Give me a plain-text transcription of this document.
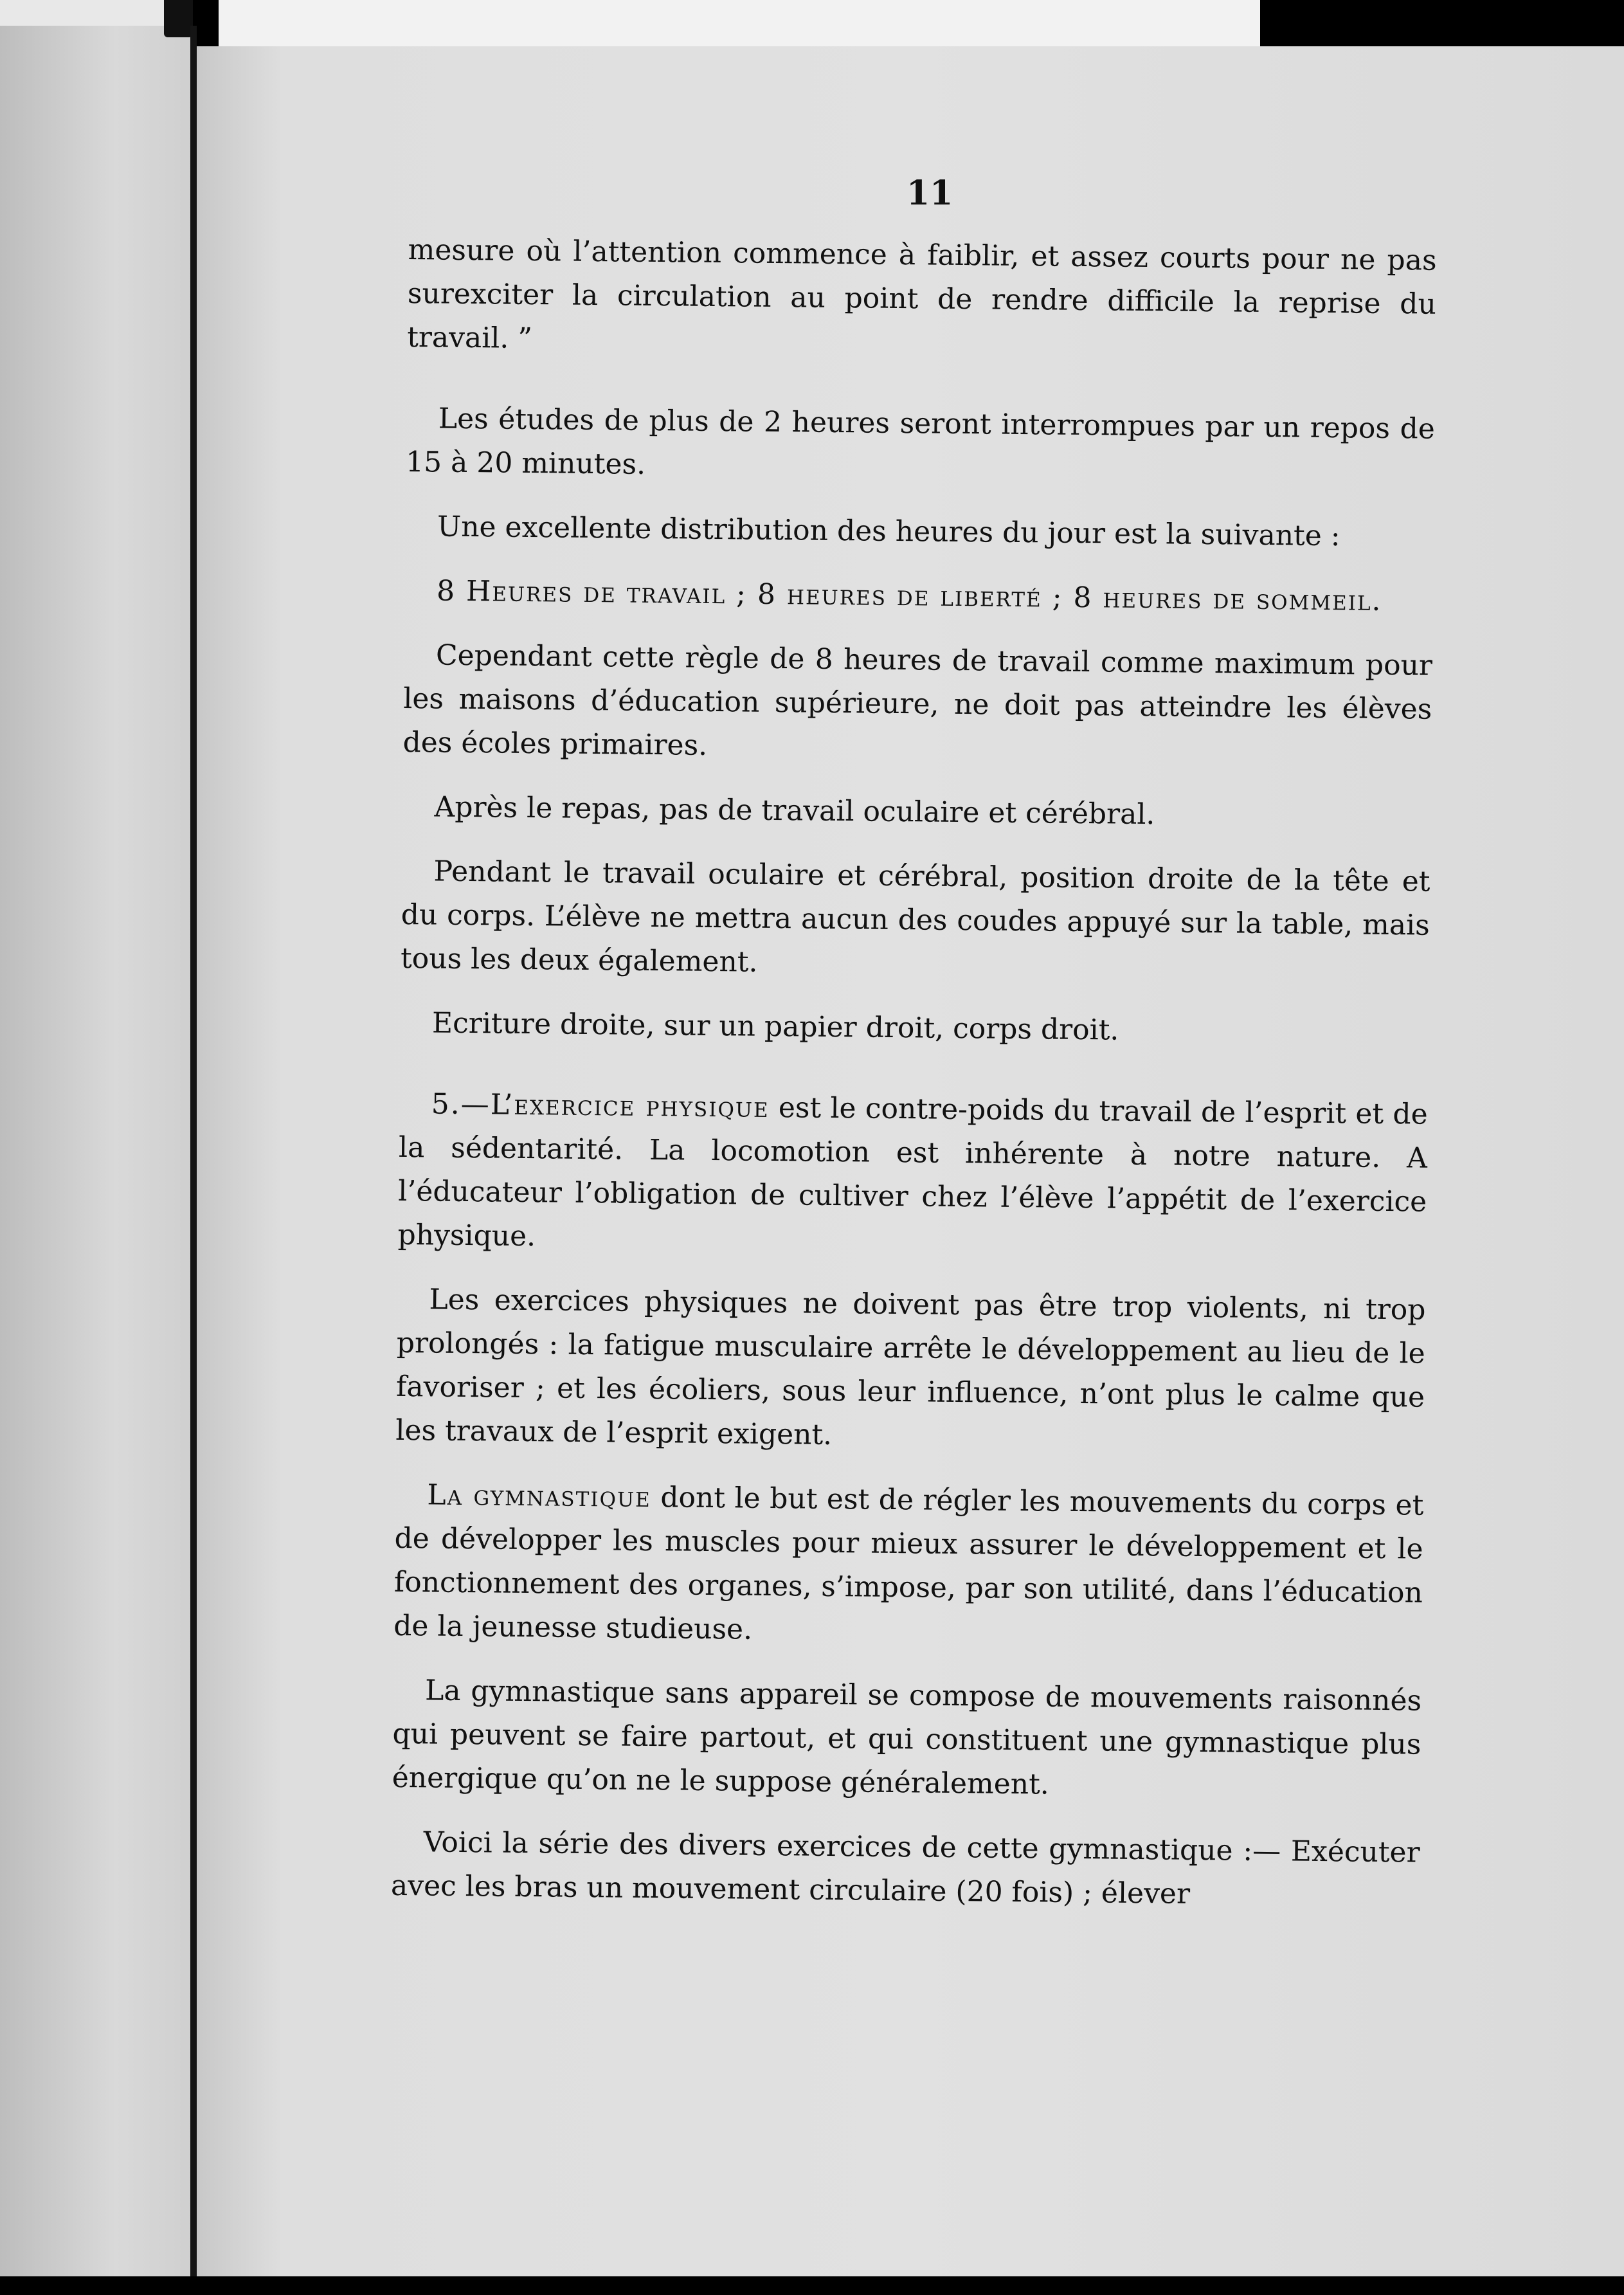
11

mesure où l’attention commence à faiblir, et assez courts pour ne pas surexciter la circulation au point de rendre difficile la reprise du travail. ”

Les études de plus de 2 heures seront interrompues par un repos de 15 à 20 minutes.

Une excellente distribution des heures du jour est la suivante :

8 Heures de travail ; 8 heures de liberté ; 8 heures de sommeil.

Cependant cette règle de 8 heures de travail comme maximum pour les maisons d’éducation supérieure, ne doit pas atteindre les élèves des écoles primaires.

Après le repas, pas de travail oculaire et cérébral.

Pendant le travail oculaire et cérébral, position droite de la tête et du corps. L’élève ne mettra aucun des coudes appuyé sur la table, mais tous les deux également.

Ecriture droite, sur un papier droit, corps droit.

5.—L’exercice physique est le contre-poids du travail de l’esprit et de la sédentarité. La locomotion est inhérente à notre nature. A l’éducateur l’obligation de cultiver chez l’élève l’appétit de l’exercice physique.

Les exercices physiques ne doivent pas être trop violents, ni trop prolongés : la fatigue musculaire arrête le développement au lieu de le favoriser ; et les écoliers, sous leur influence, n’ont plus le calme que les travaux de l’esprit exigent.

La gymnastique dont le but est de régler les mouvements du corps et de développer les muscles pour mieux assurer le développement et le fonctionnement des organes, s’impose, par son utilité, dans l’éducation de la jeunesse studieuse.

La gymnastique sans appareil se compose de mouvements raisonnés qui peuvent se faire partout, et qui constituent une gymnastique plus énergique qu’on ne le suppose généralement.

Voici la série des divers exercices de cette gymnastique :— Exécuter avec les bras un mouvement circulaire (20 fois) ; élever
